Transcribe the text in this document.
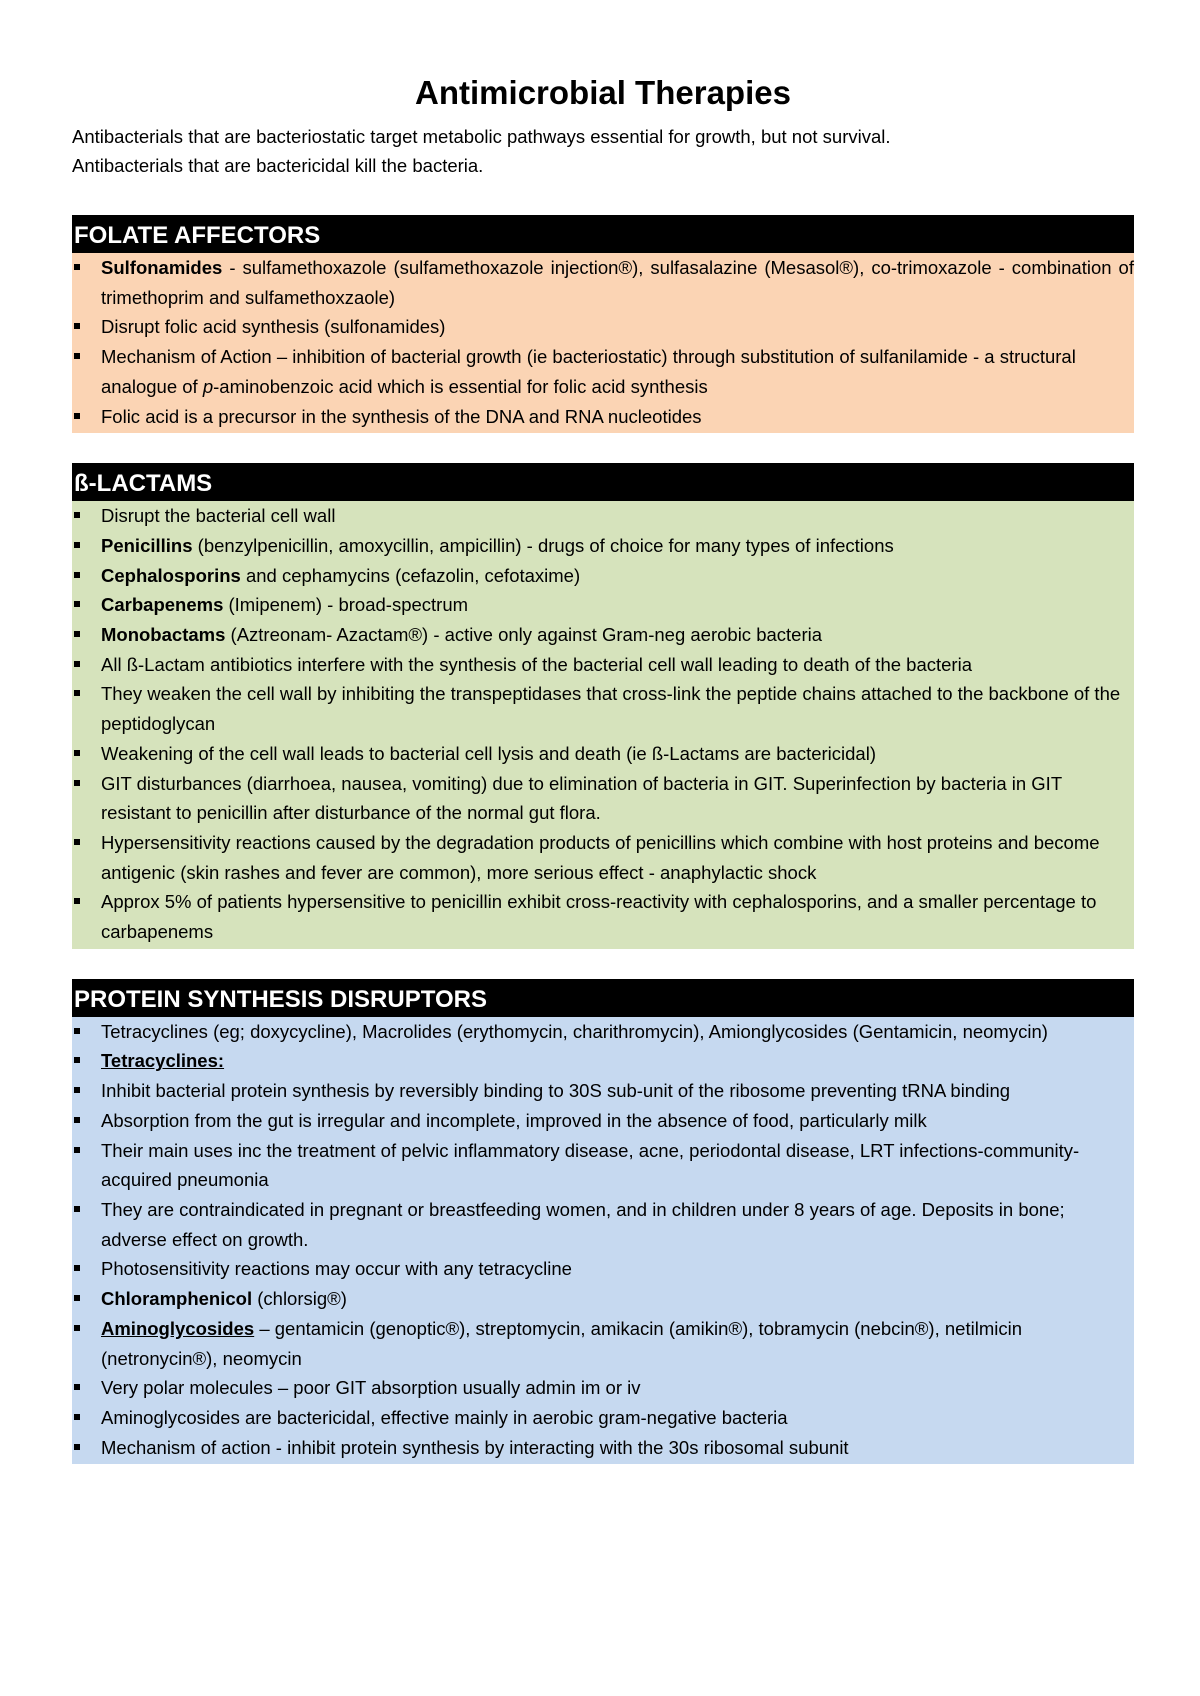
Antimicrobial Therapies

Antibacterials that are bacteriostatic target metabolic pathways essential for growth, but not survival.

Antibacterials that are bactericidal kill the bacteria.

FOLATE AFFECTORS
Sulfonamides - sulfamethoxazole (sulfamethoxazole injection®), sulfasalazine (Mesasol®), co-trimoxazole - combination of trimethoprim and sulfamethoxzaole)
Disrupt folic acid synthesis (sulfonamides)
Mechanism of Action – inhibition of bacterial growth (ie bacteriostatic) through substitution of sulfanilamide - a structural analogue of p-aminobenzoic acid which is essential for folic acid synthesis
Folic acid is a precursor in the synthesis of the DNA and RNA nucleotides
ß-LACTAMS
Disrupt the bacterial cell wall
Penicillins (benzylpenicillin, amoxycillin, ampicillin) - drugs of choice for many types of infections
Cephalosporins and cephamycins (cefazolin, cefotaxime)
Carbapenems (Imipenem) - broad-spectrum
Monobactams (Aztreonam- Azactam®) - active only against Gram-neg aerobic bacteria
All ß-Lactam antibiotics interfere with the synthesis of the bacterial cell wall leading to death of the bacteria
They weaken the cell wall by inhibiting the transpeptidases that cross-link the peptide chains attached to the backbone of the peptidoglycan
Weakening of the cell wall leads to bacterial cell lysis and death (ie ß-Lactams are bactericidal)
GIT disturbances (diarrhoea, nausea, vomiting) due to elimination of bacteria in GIT. Superinfection by bacteria in GIT resistant to penicillin after disturbance of the normal gut flora.
Hypersensitivity reactions caused by the degradation products of penicillins which combine with host proteins and become antigenic (skin rashes and fever are common), more serious effect - anaphylactic shock
Approx 5% of patients hypersensitive to penicillin exhibit cross-reactivity with cephalosporins, and a smaller percentage to carbapenems
PROTEIN SYNTHESIS DISRUPTORS
Tetracyclines (eg; doxycycline), Macrolides (erythomycin, charithromycin), Amionglycosides (Gentamicin, neomycin)
Tetracyclines:
Inhibit bacterial protein synthesis by reversibly binding to 30S sub-unit of the ribosome preventing tRNA binding
Absorption from the gut is irregular and incomplete, improved in the absence of food, particularly milk
Their main uses inc the treatment of pelvic inflammatory disease, acne, periodontal disease, LRT infections-community-acquired pneumonia
They are contraindicated in pregnant or breastfeeding women, and in children under 8 years of age. Deposits in bone; adverse effect on growth.
Photosensitivity reactions may occur with any tetracycline
Chloramphenicol (chlorsig®)
Aminoglycosides – gentamicin (genoptic®), streptomycin, amikacin (amikin®), tobramycin (nebcin®), netilmicin (netronycin®), neomycin
Very polar molecules – poor GIT absorption usually admin im or iv
Aminoglycosides are bactericidal, effective mainly in aerobic gram-negative bacteria
Mechanism of action - inhibit protein synthesis by interacting with the 30s ribosomal subunit
